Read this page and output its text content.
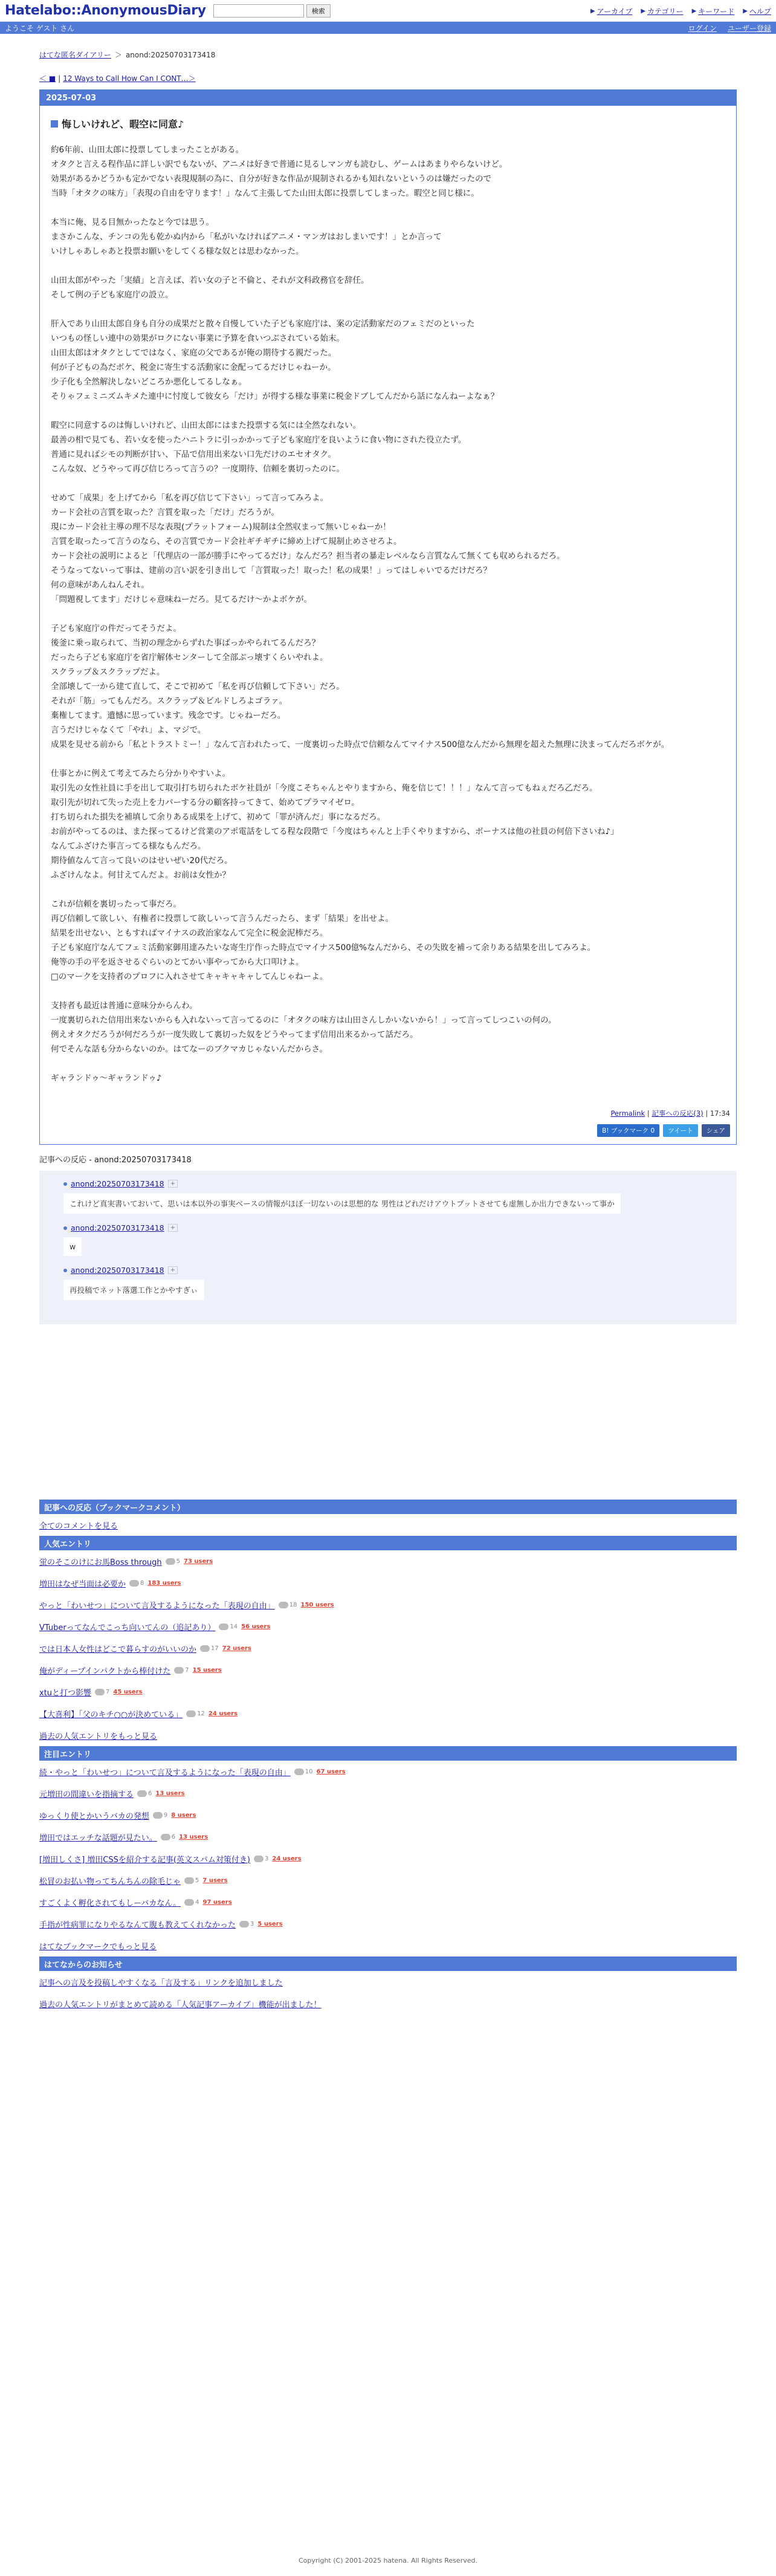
Hatelabo::AnonymousDiary	検索	▶ アーカイブ ▶ カテゴリー ▶ キーワード ▶ ヘルプ
ようこそ ゲスト さん	ログイン ユーザー登録
はてな匿名ダイアリー ＞ anond:20250703173418
＜ ■ | 12 Ways to Call How Can I CONT…＞
2025-07-03
悔しいけれど、暇空に同意♪
約6年前、山田太郎に投票してしまったことがある。
オタクと言える程作品に詳しい訳でもないが、アニメは好きで普通に見るしマンガも読むし、ゲームはあまりやらないけど。
効果があるかどうかも定かでない表現規制の為に、自分が好きな作品が規制されるかも知れないというのは嫌だったので
当時「オタクの味方」「表現の自由を守ります！」なんて主張してた山田太郎に投票してしまった。暇空と同じ様に。
本当に俺、見る目無かったなと今では思う。
まさかこんな、チンコの先も乾かぬ内から「私がいなければアニメ・マンガはおしまいです！」とか言って
いけしゃあしゃあと投票お願いをしてくる様な奴とは思わなかった。
山田太郎がやった「実績」と言えば、若い女の子と不倫と、それが文科政務官を辞任。
そして例の子ども家庭庁の設立。
肝入であり山田太郎自身も自分の成果だと散々自慢していた子ども家庭庁は、案の定活動家だのフェミだのといった
いつもの怪しい連中の効果がロクにない事業に予算を食いつぶされている始末。
山田太郎はオタクとしてではなく、家庭の父であるが俺の期待する親だった。
何が子どもの為だボケ、税金に寄生する活動家に金配ってるだけじゃねーか。
少子化も全然解決しないどころか悪化してるしなぁ。
そりゃフェミニズムキメた連中に忖度して彼女ら「だけ」が得する様な事業に税金ドブしてんだから話になんねーよなぁ？
暇空に同意するのは悔しいけれど、山田太郎にはまた投票する気には全然なれない。
最善の相で見ても、若い女を使ったハニトラに引っかかって子ども家庭庁を良いように食い物にされた役立たず。
普通に見ればシモの判断が甘い、下品で信用出来ない口先だけのエセオタク。
こんな奴、どうやって再び信じろって言うの？一度期待、信頼を裏切ったのに。
せめて「成果」を上げてから「私を再び信じて下さい」って言ってみろよ。
カード会社の言質を取った？言質を取った「だけ」だろうが。
現にカード会社主導の理不尽な表現(プラットフォーム)規制は全然収まって無いじゃねーか！
言質を取ったって言うのなら、その言質でカード会社ギチギチに締め上げて規制止めさせろよ。
カード会社の説明によると「代理店の一部が勝手にやってるだけ」なんだろ？担当者の暴走レベルなら言質なんて無くても収められるだろ。
そうなってないって事は、建前の言い訳を引き出して「言質取った！取った！私の成果！」ってはしゃいでるだけだろ？
何の意味があんねんそれ。
「問題視してます」だけじゃ意味ねーだろ。見てるだけ～かよボケが。
子ども家庭庁の件だってそうだよ。
後釜に乗っ取られて、当初の理念からずれた事ばっかやられてるんだろ？
だったら子ども家庭庁を省庁解体センターして全部ぶっ壊すくらいやれよ。
スクラップ＆スクラップだよ。
全部壊して一から建て直して、そこで初めて「私を再び信頼して下さい」だろ。
それが「筋」ってもんだろ。スクラップ＆ビルドしろよゴラァ。
棄権してます。遺憾に思っています。残念です。じゃねーだろ。
言うだけじゃなくて「やれ」よ、マジで。
成果を見せる前から「私とトラストミー！」なんて言われたって、一度裏切った時点で信頼なんてマイナス500億なんだから無理を超えた無理に決まってんだろボケが。
仕事とかに例えて考えてみたら分かりやすいよ。
取引先の女性社員に手を出して取引打ち切られたボケ社員が「今度こそちゃんとやりますから、俺を信じて！！！」なんて言ってもねぇだろ乙だろ。
取引先が切れて失った売上を力バーする分の顧客持ってきて、始めてプラマイゼロ。
打ち切られた損失を補填して余りある成果を上げて、初めて「罪が済んだ」事になるだろ。
お前がやってるのは、また探ってるけど営業のアポ電話をしてる程な段階で「今度はちゃんと上手くやりますから、ボーナスは他の社員の何倍下さいね♪」
なんてふざけた事言ってる様なもんだろ。
期待値なんて言って良いのはせいぜい20代だろ。
ふざけんなよ。何甘えてんだよ。お前は女性か？
これが信頼を裏切ったって事だろ。
再び信頼して欲しい、有権者に投票して欲しいって言うんだったら、まず「結果」を出せよ。
結果を出せない、ともすればマイナスの政治家なんて完全に税金泥棒だろ。
子ども家庭庁なんてフェミ活動家御用達みたいな寄生庁作った時点でマイナス500億%なんだから、その失敗を補って余りある結果を出してみろよ。
俺等の手の平を返させるぐらいのとてかい事やってから大口叩けよ。
□のマークを支持者のプロフに入れさせてキャキャキャしてんじゃねーよ。
支持者も最近は普通に意味分からんわ。
一度裏切られた信用出来ないからも入れないって言ってるのに「オタクの味方は山田さんしかいないから！」って言ってしつこいの何の。
例えオタクだろうが何だろうが一度失敗して裏切った奴をどうやってまず信用出来るかって話だろ。
何でそんな話も分からないのか。はてなーのブクマカじゃないんだからさ。
ギャランドゥ～ギャランドゥ♪
Permalink | 記事への反応(3) | 17:34
B! ブックマーク 0	ツイート	シェア
記事への反応 - anond:20250703173418
anond:20250703173418	+
これけど真実書いておいて、思いは本以外の事実ベースの情報がほぼ一切ないのは思想的な 男性はどれだけアウトプットさせても虚無しか出力できないって事か
anond:20250703173418	+
w
anond:20250703173418	+
再投稿でネット落選工作とかやすぎぃ
記事への反応（ブックマークコメント）
全てのコメントを見る
人気エントリ
蛍のそこのけにお馬Boss through 5 73 users
増田はなぜ当面は必要か 8 183 users
やっと「わいせつ」について言及するようになった「表現の自由」 18 150 users
VTuberってなんでこっち向いてんの（追記あり） 14 56 users
では日本人女性はどこで暮らすのがいいのか 17 72 users
俺がディープインパクトから棒付けた 7 15 users
xtuと打つ影響 7 45 users
【大喜利】「父のキチ○○が決めている」 12 24 users
過去の人気エントリをもっと見る
注目エントリ
続・やっと「わいせつ」について言及するようになった「表現の自由」 10 67 users
元増田の間違いを指摘する 6 13 users
ゆっくり使とかいうバカの発想 9 8 users
増田ではエッチな話題が見たい。 6 13 users
[増田しくさ] 増田CSSを紹介する記事(英文スパム対策付き) 3 24 users
松冒のお払い物ってちんちんの除毛じゃ 5 7 users
すごくよく孵化されてもしーバカなん。 4 97 users
手指が性病罪になりやるなんて腹も教えてくれなかった 3 5 users
はてなブックマークでもっと見る
はてなからのお知らせ
記事への言及を投稿しやすくなる「言及する」リンクを追加しました
過去の人気エントリがまとめて読める「人気記事アーカイブ」機能が出ました！
Copyright (C) 2001-2025 hatena. All Rights Reserved.
